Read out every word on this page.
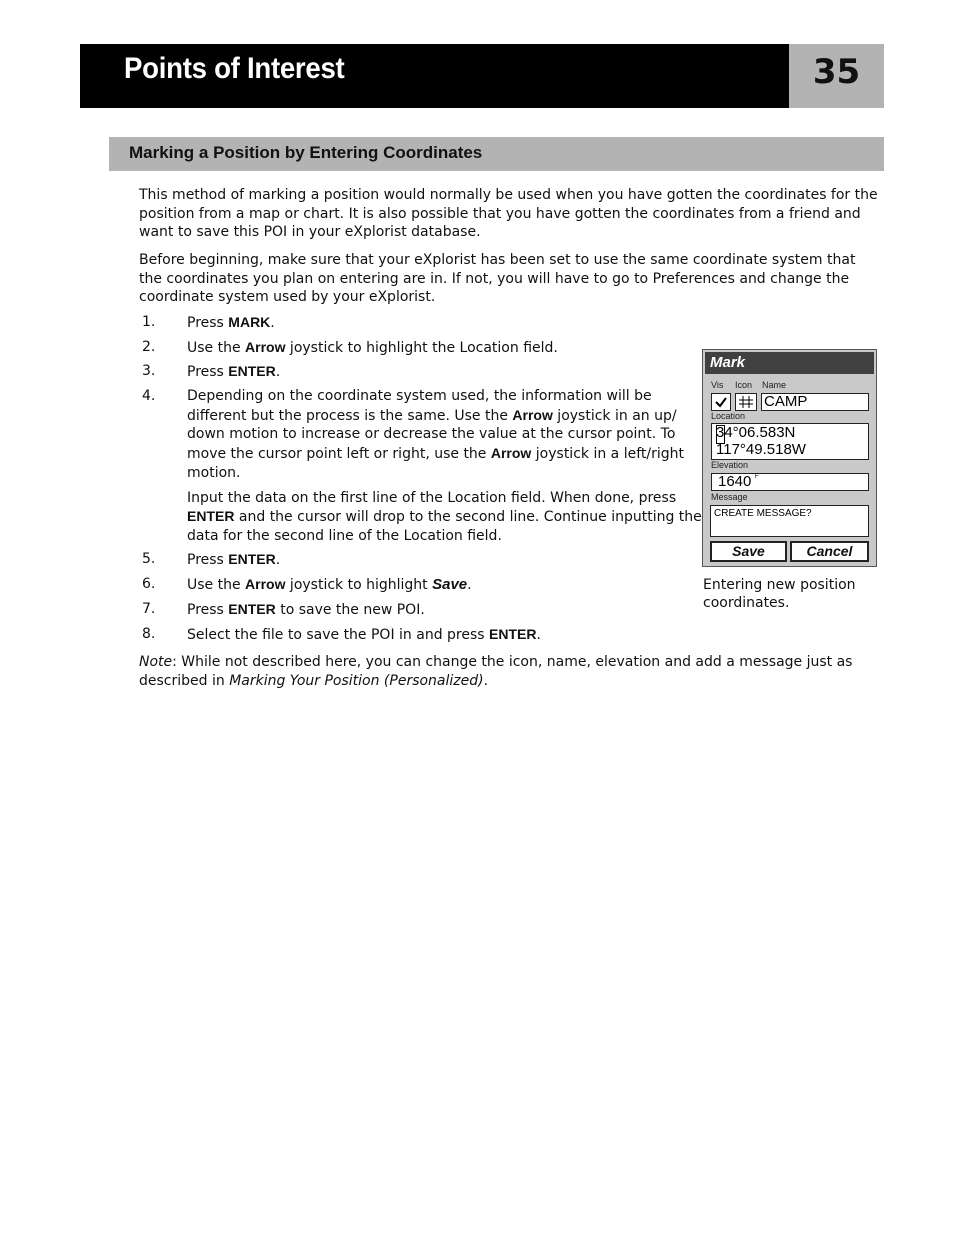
Points of Interest	35
Marking a Position by Entering Coordinates
This method of marking a position would normally be used when you have gotten the coordinates for the position from a map or chart. It is also possible that you have gotten the coordinates from a friend and want to save this POI in your eXplorist database.
Before beginning, make sure that your eXplorist has been set to use the same coordinate system that the coordinates you plan on entering are in. If not, you will have to go to Preferences and change the coordinate system used by your eXplorist.
1. Press MARK.
2. Use the Arrow joystick to highlight the Location field.
3. Press ENTER.
4. Depending on the coordinate system used, the information will be
different but the process is the same. Use the Arrow joystick in an up/
down motion to increase or decrease the value at the cursor point. To
move the cursor point left or right, use the Arrow joystick in a left/right
motion.
Input the data on the first line of the Location field. When done, press
ENTER and the cursor will drop to the second line. Continue inputting the
data for the second line of the Location field.
5. Press ENTER.
6. Use the Arrow joystick to highlight Save.
7. Press ENTER to save the new POI.
8. Select the file to save the POI in and press ENTER.
Note: While not described here, you can change the icon, name, elevation and add a message just as described in Marking Your Position (Personalized).
Mark
Vis Icon Name
CAMP
Location
34°06.583N
117°49.518W
Elevation
1640 F
Message
CREATE MESSAGE?
Save	Cancel
Entering new position coordinates.
